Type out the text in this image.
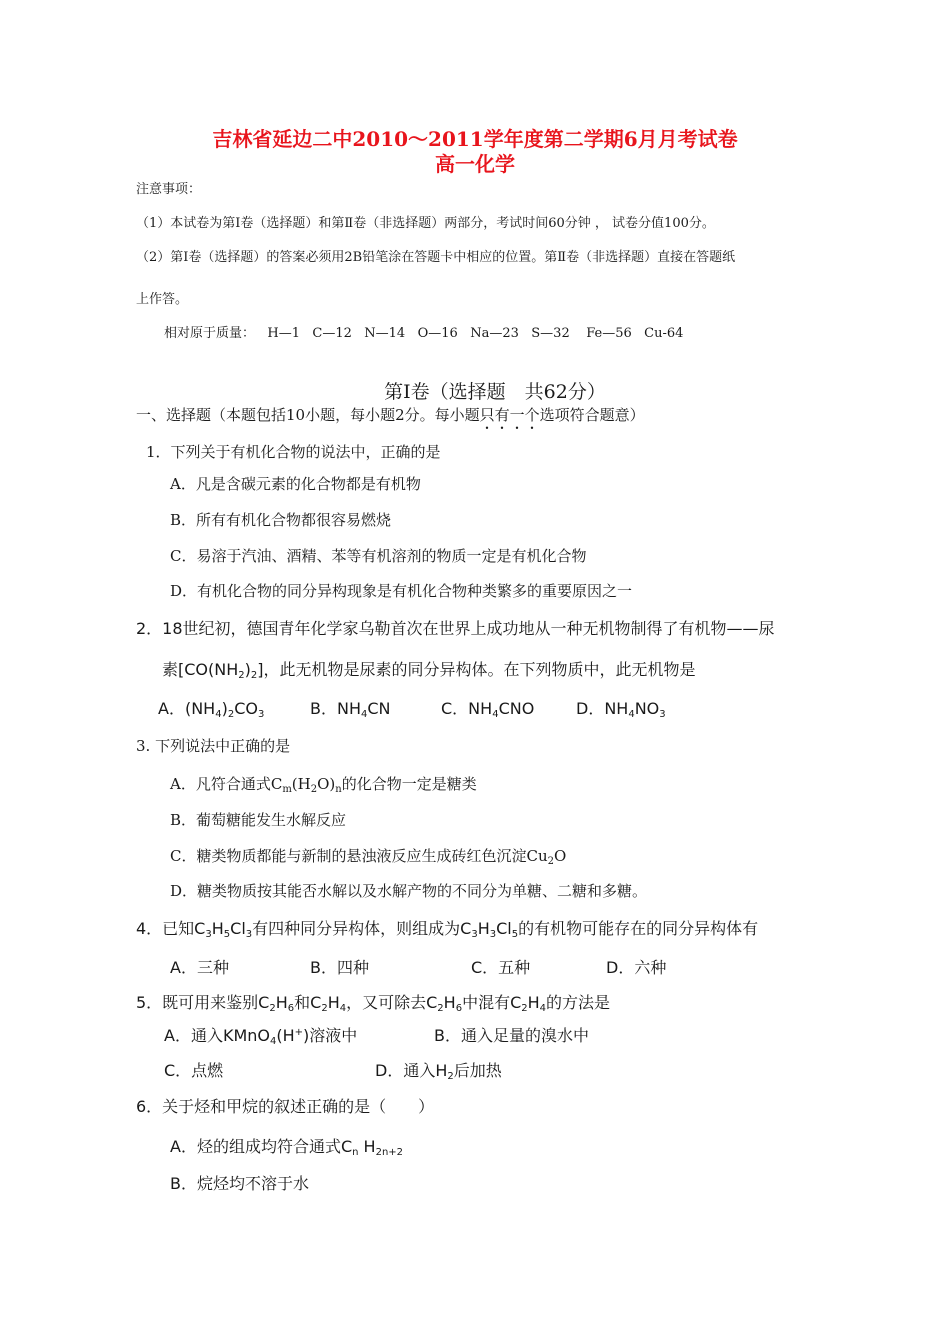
吉林省延边二中2010～2011学年度第二学期6月月考试卷
高一化学
注意事项：
（1）本试卷为第Ⅰ卷（选择题）和第Ⅱ卷（非选择题）两部分，考试时间60分钟 ， 试卷分值100分。
（2）第Ⅰ卷（选择题）的答案必须用2B铅笔涂在答题卡中相应的位置。第Ⅱ卷（非选择题）直接在答题纸
上作答。
相对原于质量：   H—1   C—12   N—14   O—16   Na—23   S—32    Fe—56   Cu-64
第Ⅰ卷（选择题　共62分）
一、选择题（本题包括10小题，每小题2分。每小题只有一个选项符合题意）
1．下列关于有机化合物的说法中，正确的是
A．凡是含碳元素的化合物都是有机物
B．所有有机化合物都很容易燃烧
C．易溶于汽油、酒精、苯等有机溶剂的物质一定是有机化合物
D．有机化合物的同分异构现象是有机化合物种类繁多的重要原因之一
2．18世纪初，德国青年化学家乌勒首次在世界上成功地从一种无机物制得了有机物——尿
素$[CO(NH_2)_2]$，此无机物是尿素的同分异构体。在下列物质中，此无机物是
A．$(NH_4)_2CO_3$	B．$NH_4CN$	C．$NH_4CNO$	D．$NH_4NO_3$
3. 下列说法中正确的是
A．凡符合通式$C_m(H_2O)_n$的化合物一定是糖类
B．葡萄糖能发生水解反应
C．糖类物质都能与新制的悬浊液反应生成砖红色沉淀$Cu_2O$
D．糖类物质按其能否水解以及水解产物的不同分为单糖、二糖和多糖。
4．已知$C_3H_5Cl_3$有四种同分异构体，则组成为$C_3H_3Cl_5$的有机物可能存在的同分异构体有
A．三种	B．四种	C．五种	D．六种
5．既可用来鉴别$C_2H_6$和$C_2H_4$，又可除去$C_2H_6$中混有$C_2H_4$的方法是
A．通入KMnO$_4$(H+)溶液中	B．通入足量的溴水中
C．点燃	D．通入$H_2$后加热
6．关于烃和甲烷的叙述正确的是（　　）
A．烃的组成均符合通式$C_n$ $H_{2n+2}$
B．烷烃均不溶于水
